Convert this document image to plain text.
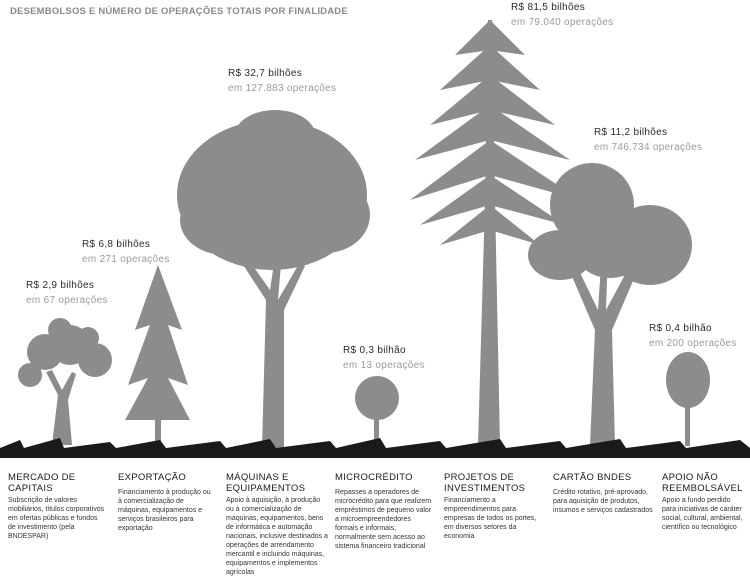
DESEMBOLSOS E NÚMERO DE OPERAÇÕES TOTAIS POR FINALIDADE
R$ 2,9 bilhões
em 67 operações
R$ 6,8 bilhões
em 271 operações
R$ 32,7 bilhões
em 127.883 operações
R$ 0,3 bilhão
em 13 operações
R$ 81,5 bilhões
em 79.040 operações
R$ 11,2 bilhões
em 746.734 operações
R$ 0,4 bilhão
em 200 operações
MERCADO DE CAPITAIS
Subscrição de valores mobiliários, títulos corporativos em ofertas públicas e fundos de investimento (pela BNDESPAR)
EXPORTAÇÃO
Financiamento à produção ou à comercialização de máquinas, equipamentos e serviços brasileiros para exportação
MÁQUINAS E EQUIPAMENTOS
Apoio à aquisição, à produção ou à comercialização de máquinas, equipamentos, bens de informática e automação nacionais, inclusive destinados a operações de arrendamento mercantil e incluindo máquinas, equipamentos e implementos agrícolas
MICROCRÉDITO
Repasses a operadores de microcrédito para que realizem empréstimos de pequeno valor a microempreendedores formais e informais, normalmente sem acesso ao sistema financeiro tradicional
PROJETOS DE INVESTIMENTOS
Financiamento a empreendimentos para empresas de todos os portes, em diversos setores da economia
CARTÃO BNDES
Crédito rotativo, pré-aprovado, para aquisição de produtos, insumos e serviços cadastrados
APOIO NÃO REEMBOLSÁVEL
Apoio a fundo perdido para iniciativas de caráter social, cultural, ambiental, científico ou tecnológico
